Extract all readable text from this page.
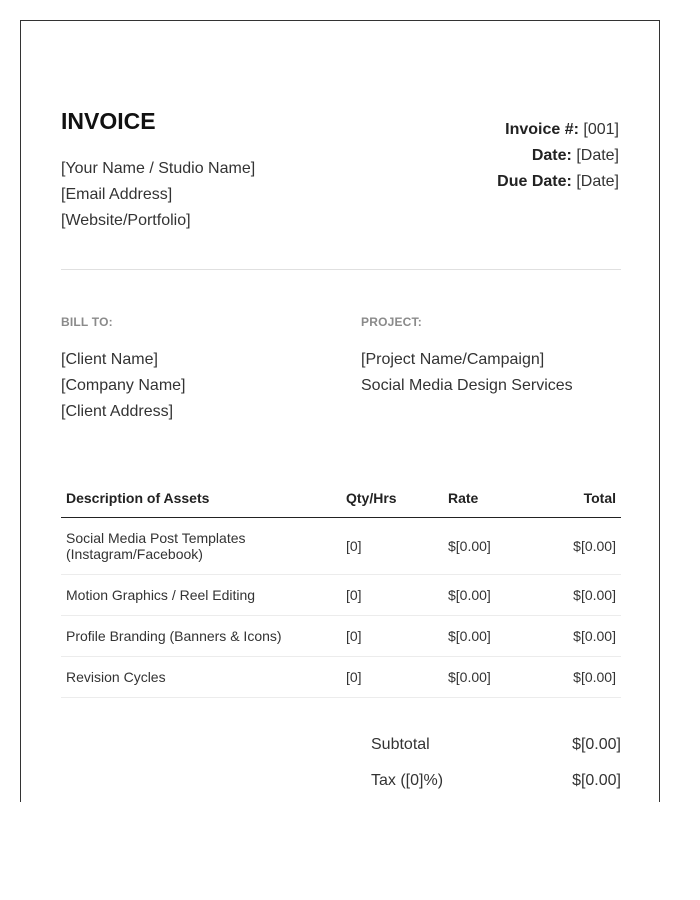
INVOICE
[Your Name / Studio Name]
[Email Address]
[Website/Portfolio]
Invoice #: [001]
Date: [Date]
Due Date: [Date]
BILL TO:	PROJECT:
[Client Name]
[Company Name]
[Client Address]
[Project Name/Campaign]
Social Media Design Services
Description of Assets	Qty/Hrs	Rate	Total

Social Media Post Templates
(Instagram/Facebook)	[0]	$[0.00]	$[0.00]
Motion Graphics / Reel Editing	[0]	$[0.00]	$[0.00]
Profile Branding (Banners & Icons)	[0]	$[0.00]	$[0.00]
Revision Cycles	[0]	$[0.00]	$[0.00]
Subtotal	$[0.00]
Tax ([0]%)	$[0.00]
